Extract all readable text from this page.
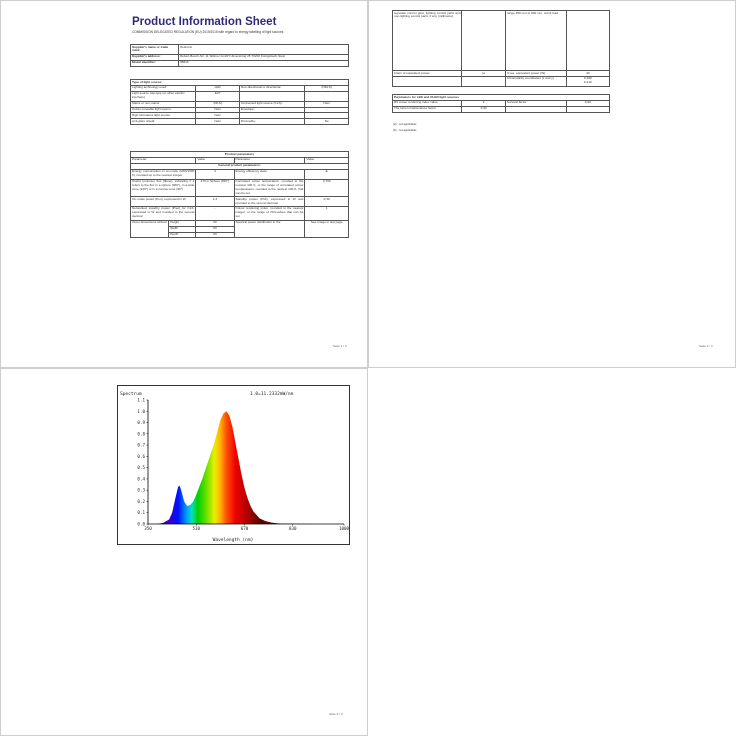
Product Information Sheet
COMMISSION DELEGATED REGULATION (EU) 2019/2015 with regard to energy labelling of light sources
Supplier's name or trade mark:	Heitronic
Supplier's address:	Robert-Bosch-Str. 11 Stillmer GmbH Ulmerstring 25 70202 Königsbach-Stein
Model identifier:	35816
Type of light source:			
Lighting technology used:	LED	Non-directional or directional:	(NDLS)
Light source cap-type (or other electric interface)	E27		
Mains or non-mains:	(MLS)	Connected light source (CLS):	Nein
Colour-tuneable light source:	Nein	Envelope:	-
High luminance light source:	Nein		
Anti-glare shield:	Nein	Dimmable:	No
Product parameters				
Parameter		Value	Parameter	Value
General product parameters:				
Energy consumption in on-mode (kWh/1000 h), rounded up to the nearest integer		4	Energy efficiency class	E
Useful luminous flux (Φuse), indicating if it refers to the flux in a sphere (360°), in a wide cone (120°) or in a narrow cone (90°)		470 in Sphere (360°)	Correlated colour temperature, rounded to the nearest 100 K, or the range of correlated colour temperatures, rounded to the nearest 100 K, that can be set	2.700
On-mode power (Pon), expressed in W		4,3	Standby power (Psb), expressed in W and rounded to the second decimal	0,30
Networked standby power (Pnet) for CLS, expressed in W and rounded to the second decimal		-	Colour rendering index, rounded to the nearest integer, or the range of CRI-values that can be set	1
Outer dimensions without	Height	60	Spectral power distribution in the	See Image in last page
	Width	60		
	Depth	60		
Seite 1 / 3	Seite 2 / 3
separate control gear, lighting control parts and non-lighting control parts, if any (millimetre)		range 250 mm to 600 mm, at full load	
Claim of equivalent power	ja	If yes, equivalent power (W)	40
		Chromaticity coordinates (x and y)	0,460
0,410
Parameters for LED and OLED light sources			
R9 colour rendering index value	2	Survival factor	0,90
The lumen maintenance factor	0,93		
(a) : not applicable;
(b) : not applicable;
Seite 3 / 3
Spectrum	1.0=11.2332mW/nm
Wavelength (nm)
0.0
0.1
0.2
0.3
0.4
0.5
0.6
0.7
0.8
0.9
1.0
1.1
350	510	670	830	1000
